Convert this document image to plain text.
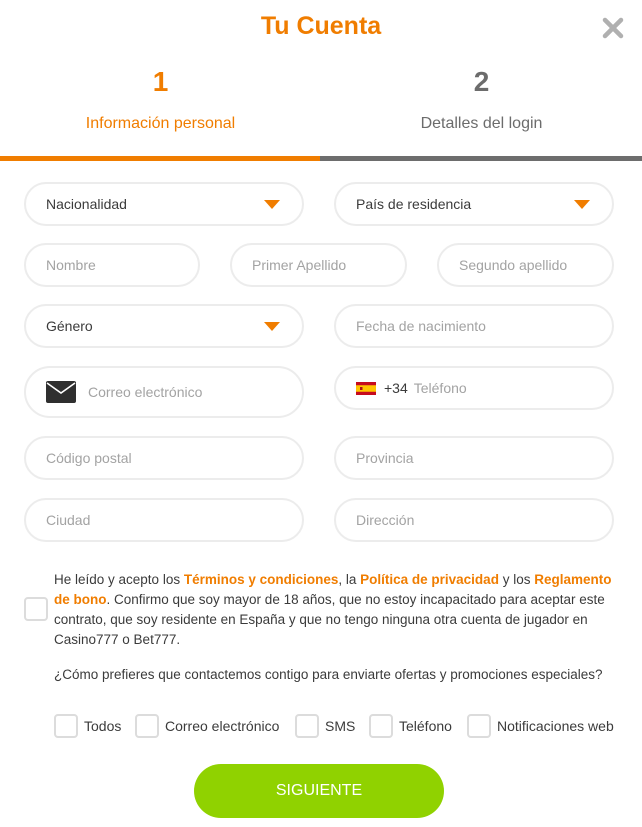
Tu Cuenta
1
Información personal
2
Detalles del login
Nacionalidad	País de residencia
Nombre	Primer Apellido	Segundo apellido
Género	Fecha de nacimiento
Correo electrónico	+34 Teléfono
Código postal	Provincia
Ciudad	Dirección
He leído y acepto los Términos y condiciones, la Política de privacidad y los Reglamento de bono. Confirmo que soy mayor de 18 años, que no estoy incapacitado para aceptar este contrato, que soy residente en España y que no tengo ninguna otra cuenta de jugador en Casino777 o Bet777.
¿Cómo prefieres que contactemos contigo para enviarte ofertas y promociones especiales?
Todos	Correo electrónico	SMS	Teléfono	Notificaciones web
SIGUIENTE
